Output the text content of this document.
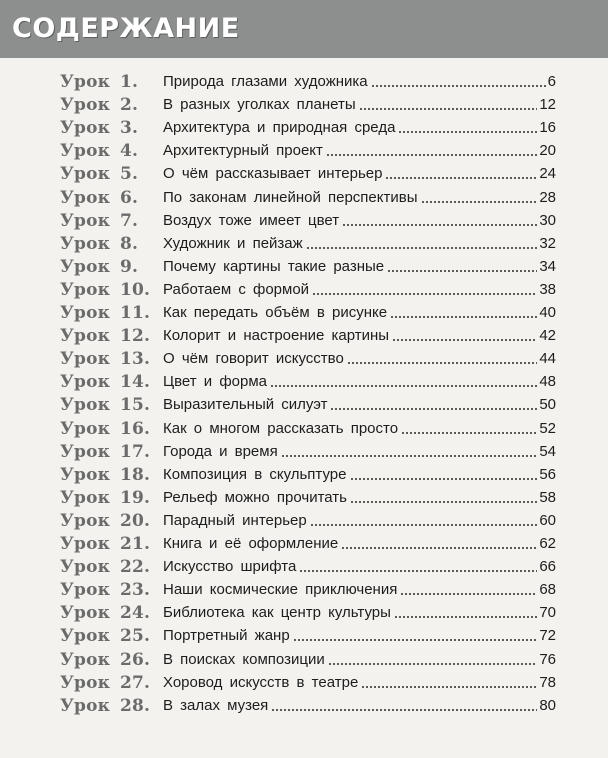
СОДЕРЖАНИЕ
Урок 1.	Природа глазами художника	6
Урок 2.	В разных уголках планеты	12
Урок 3.	Архитектура и природная среда	16
Урок 4.	Архитектурный проект	20
Урок 5.	О чём рассказывает интерьер	24
Урок 6.	По законам линейной перспективы	28
Урок 7.	Воздух тоже имеет цвет	30
Урок 8.	Художник и пейзаж	32
Урок 9.	Почему картины такие разные	34
Урок 10. Работаем с формой	38
Урок 11. Как передать объём в рисунке	40
Урок 12. Колорит и настроение картины	42
Урок 13. О чём говорит искусство	44
Урок 14. Цвет и форма	48
Урок 15. Выразительный силуэт	50
Урок 16. Как о многом рассказать просто	52
Урок 17. Города и время	54
Урок 18. Композиция в скульптуре	56
Урок 19. Рельеф можно прочитать	58
Урок 20. Парадный интерьер	60
Урок 21. Книга и её оформление	62
Урок 22. Искусство шрифта	66
Урок 23. Наши космические приключения	68
Урок 24. Библиотека как центр культуры	70
Урок 25. Портретный жанр	72
Урок 26. В поисках композиции	76
Урок 27. Хоровод искусств в театре	78
Урок 28. В залах музея	80
